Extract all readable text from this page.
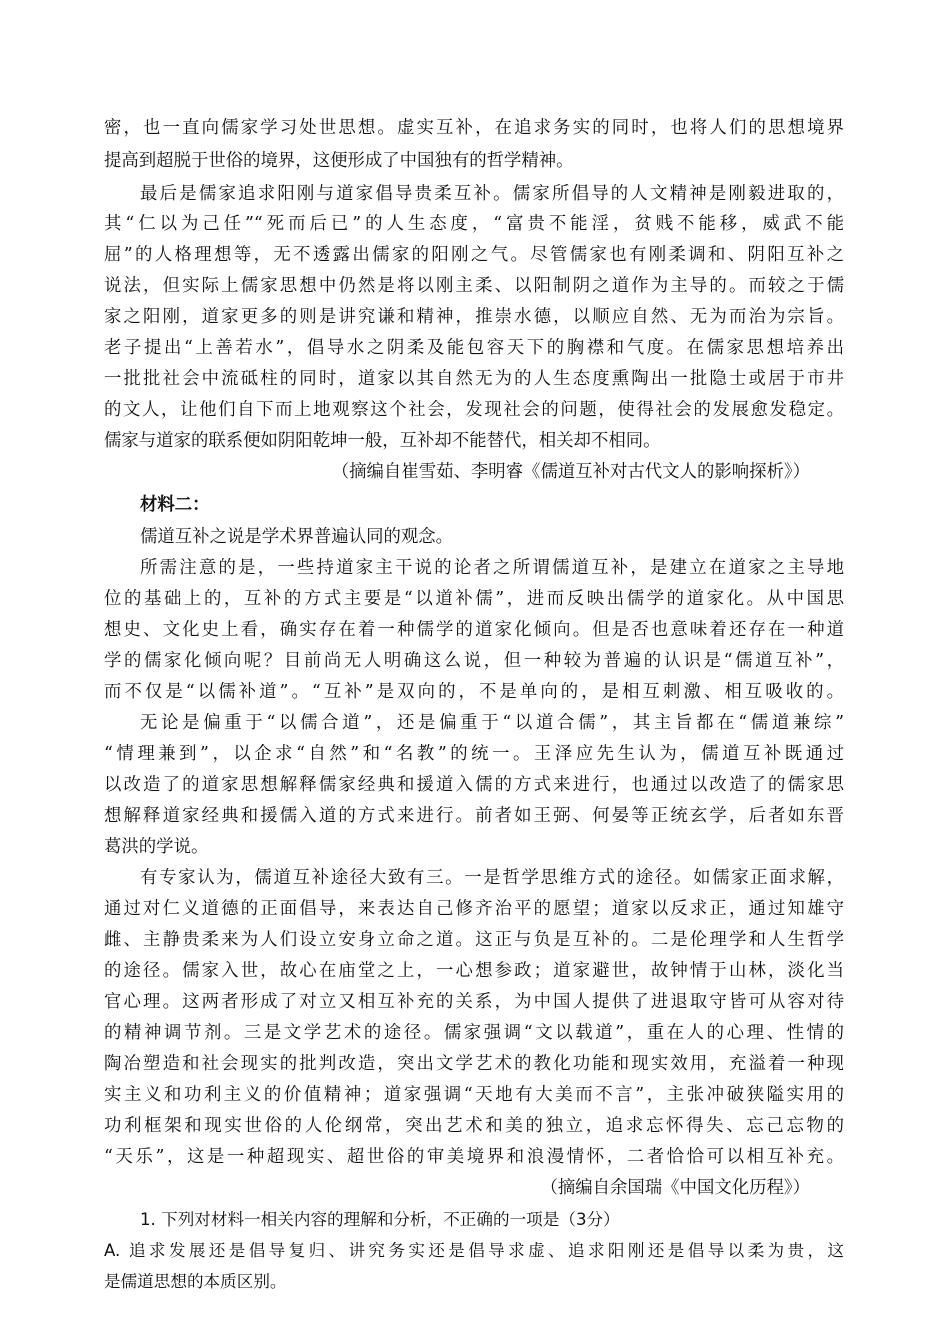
密，也一直向儒家学习处世思想。虚实互补，在追求务实的同时，也将人们的思想境界
提高到超脱于世俗的境界，这便形成了中国独有的哲学精神。
最后是儒家追求阳刚与道家倡导贵柔互补。儒家所倡导的人文精神是刚毅进取的，
其“仁以为己任”“死而后已”的人生态度，“富贵不能淫，贫贱不能移，威武不能
屈”的人格理想等，无不透露出儒家的阳刚之气。尽管儒家也有刚柔调和、阴阳互补之
说法，但实际上儒家思想中仍然是将以刚主柔、以阳制阴之道作为主导的。而较之于儒
家之阳刚，道家更多的则是讲究谦和精神，推崇水德，以顺应自然、无为而治为宗旨。
老子提出“上善若水”，倡导水之阴柔及能包容天下的胸襟和气度。在儒家思想培养出
一批批社会中流砥柱的同时，道家以其自然无为的人生态度熏陶出一批隐士或居于市井
的文人，让他们自下而上地观察这个社会，发现社会的问题，使得社会的发展愈发稳定。
儒家与道家的联系便如阴阳乾坤一般，互补却不能替代，相关却不相同。
（摘编自崔雪茹、李明睿《儒道互补对古代文人的影响探析》）
材料二：
儒道互补之说是学术界普遍认同的观念。
所需注意的是，一些持道家主干说的论者之所谓儒道互补，是建立在道家之主导地
位的基础上的，互补的方式主要是“以道补儒”，进而反映出儒学的道家化。从中国思
想史、文化史上看，确实存在着一种儒学的道家化倾向。但是否也意味着还存在一种道
学的儒家化倾向呢？目前尚无人明确这么说，但一种较为普遍的认识是“儒道互补”，
而不仅是“以儒补道”。“互补”是双向的，不是单向的，是相互刺激、相互吸收的。
无论是偏重于“以儒合道”，还是偏重于“以道合儒”，其主旨都在“儒道兼综”
“情理兼到”，以企求“自然”和“名教”的统一。王泽应先生认为，儒道互补既通过
以改造了的道家思想解释儒家经典和援道入儒的方式来进行，也通过以改造了的儒家思
想解释道家经典和援儒入道的方式来进行。前者如王弼、何晏等正统玄学，后者如东晋
葛洪的学说。
有专家认为，儒道互补途径大致有三。一是哲学思维方式的途径。如儒家正面求解，
通过对仁义道德的正面倡导，来表达自己修齐治平的愿望；道家以反求正，通过知雄守
雌、主静贵柔来为人们设立安身立命之道。这正与负是互补的。二是伦理学和人生哲学
的途径。儒家入世，故心在庙堂之上，一心想参政；道家避世，故钟情于山林，淡化当
官心理。这两者形成了对立又相互补充的关系，为中国人提供了进退取守皆可从容对待
的精神调节剂。三是文学艺术的途径。儒家强调“文以载道”，重在人的心理、性情的
陶冶塑造和社会现实的批判改造，突出文学艺术的教化功能和现实效用，充溢着一种现
实主义和功利主义的价值精神；道家强调“天地有大美而不言”，主张冲破狭隘实用的
功利框架和现实世俗的人伦纲常，突出艺术和美的独立，追求忘怀得失、忘己忘物的
“天乐”，这是一种超现实、超世俗的审美境界和浪漫情怀，二者恰恰可以相互补充。
（摘编自余国瑞《中国文化历程》）
1. 下列对材料一相关内容的理解和分析，不正确的一项是（3分）
A. 追求发展还是倡导复归、讲究务实还是倡导求虚、追求阳刚还是倡导以柔为贵，这
是儒道思想的本质区别。
